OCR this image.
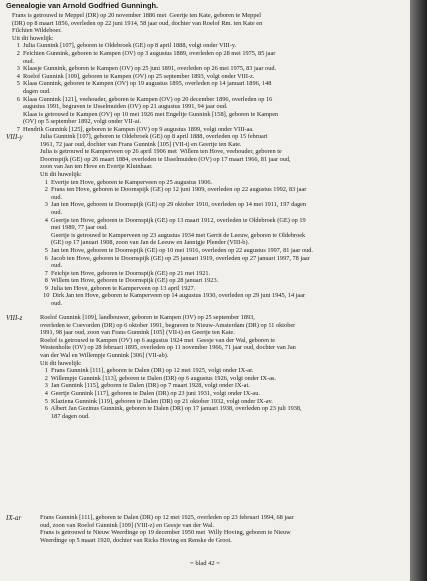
Genealogie van Arnold Godfried Gunningh.
Frans is getrouwd te Meppel (DR) op 20 november 1886 met  Geertje ten Kate, geboren te Meppel
(DR) op 8 maart 1856, overleden op 22 juni 1914, 58 jaar oud, dochter van Roelof Rm. ten Kate en
Filchien Wildeboer.
Uit dit huwelijk:
1  Julia Gunnink [107], geboren te Oldebroek (GE) op 8 april 1888, volgt onder VIII-y.
2  Feichien Gunnink, geboren te Kampen (OV) op 3 augustus 1889, overleden op 28 mei 1975, 85 jaar
oud.
3  Klaasje Gunnink, geboren te Kampen (OV) op 25 juni 1891, overleden op 26 mei 1975, 83 jaar oud.
4  Roelof Gunnink [109], geboren te Kampen (OV) op 25 september 1893, volgt onder VIII-z.
5  Klaas Gunnink, geboren te Kampen (OV) op 19 augustus 1895, overleden op 14 januari 1896, 148
dagen oud.
6  Klaas Gunnink [121], veehouder, geboren te Kampen (OV) op 20 december 1896, overleden op 16
augustus 1991, begraven te IJsselmuiden (OV) op 21 augustus 1991, 94 jaar oud.
Klaas is getrouwd te Kampen (OV) op 10 mei 1926 met Engeltje Gunnink [158], geboren te Kampen
(OV) op 5 september 1892, volgt onder VII-ai.
7  Hendrik Gunnink [125], geboren te Kampen (OV) op 9 augustus 1899, volgt onder VIII-aa.
VIII-y	Julia Gunnink [107], geboren te Oldebroek (GE) op 8 april 1888, overleden op 15 februari
1961, 72 jaar oud, dochter van Frans Gunnink [105] (VII-t) en Geertje ten Kate.
Julia is getrouwd te Kamperveen op 26 april 1906 met  Willem ten Hove, veehouder, geboren te
Doornspijk (GE) op 26 maart 1884, overleden te IJsselmuiden (OV) op 17 maart 1966, 81 jaar oud,
zoon van Jan ten Hove en Evertje Kluinhaar.
Uit dit huwelijk:
1  Evertje ten Hove, geboren te Kamperveen op 25 augustus 1906.
2  Frans ten Hove, geboren te Doornspijk (GE) op 12 juni 1909, overleden op 22 augustus 1992, 83 jaar
oud.
3  Jan ten Hove, geboren te Doornspijk (GE) op 29 oktober 1910, overleden op 14 mei 1911, 197 dagen
oud.
4  Geertje ten Hove, geboren te Doornspijk (GE) op 13 maart 1912, overleden te Oldebroek (GE) op 19
mei 1989, 77 jaar oud.
Geertje is getrouwd te Kamperveen op 23 augustus 1934 met Gerrit de Leeuw, geboren te Oldebroek
(GE) op 17 januari 1908, zoon van Jan de Leeuw en Jannigje Plender (VIII-b).
5  Jan ten Hove, geboren te Doornspijk (GE) op 10 mei 1916, overleden op 22 augustus 1997, 81 jaar oud.
6  Jacob ten Hove, geboren te Doornspijk (GE) op 25 januari 1919, overleden op 27 januari 1997, 78 jaar
oud.
7  Feichje ten Hove, geboren te Doornspijk (GE) op 21 mei 1921.
8  Willem ten Hove, geboren te Doornspijk (GE) op 28 januari 1923.
9  Julia ten Hove, geboren te Kamperveen op 13 april 1927.
10  Dirk Jan ten Hove, geboren te Kamperveen op 14 augustus 1930, overleden op 29 juni 1945, 14 jaar
oud.
VIII-z	Roelof Gunnink [109], landbouwer, geboren te Kampen (OV) op 25 september 1893,
overleden te Coevorden (DR) op 6 oktober 1991, begraven te Nieuw-Amsterdam (DR) op 11 oktober
1991, 98 jaar oud, zoon van Frans Gunnink [105] (VII-t) en Geertje ten Kate.
Roelof is getrouwd te Kampen (OV) op 6 augustus 1924 met  Geesje van der Wal, geboren te
Westenholte (OV) op 28 februari 1895, overleden op 11 november 1966, 71 jaar oud, dochter van Jan
van der Wal en Willempje Gunnink [306] (VII-ab).
Uit dit huwelijk:
1  Frans Gunnink [111], geboren te Dalen (DR) op 12 mei 1925, volgt onder IX-ar.
2  Willempje Gunnink [113], geboren te Dalen (DR) op 6 augustus 1926, volgt onder IX-as.
3  Jan Gunnink [115], geboren te Dalen (DR) op 7 maart 1928, volgt onder IX-at.
4  Geertje Gunnink [117], geboren te Dalen (DR) op 23 juni 1931, volgt onder IX-au.
5  Klaziena Gunnink [119], geboren te Dalen (DR) op 21 oktober 1932, volgt onder IX-av.
6  Albert Jan Gezinus Gunnink, geboren te Dalen (DR) op 17 januari 1938, overleden op 23 juli 1938,
187 dagen oud.
IX-ar	Frans Gunnink [111], geboren te Dalen (DR) op 12 mei 1925, overleden op 23 februari 1994, 68 jaar
oud, zoon van Roelof Gunnink [109] (VIII-z) en Geesje van der Wal.
Frans is getrouwd te Nieuw Weerdinge op 19 december 1950 met  Willy Hoving, geboren te Nieuw
Weerdinge op 5 maart 1920, dochter van Ricks Hoving en Renske de Groot.
= blad 42 =
